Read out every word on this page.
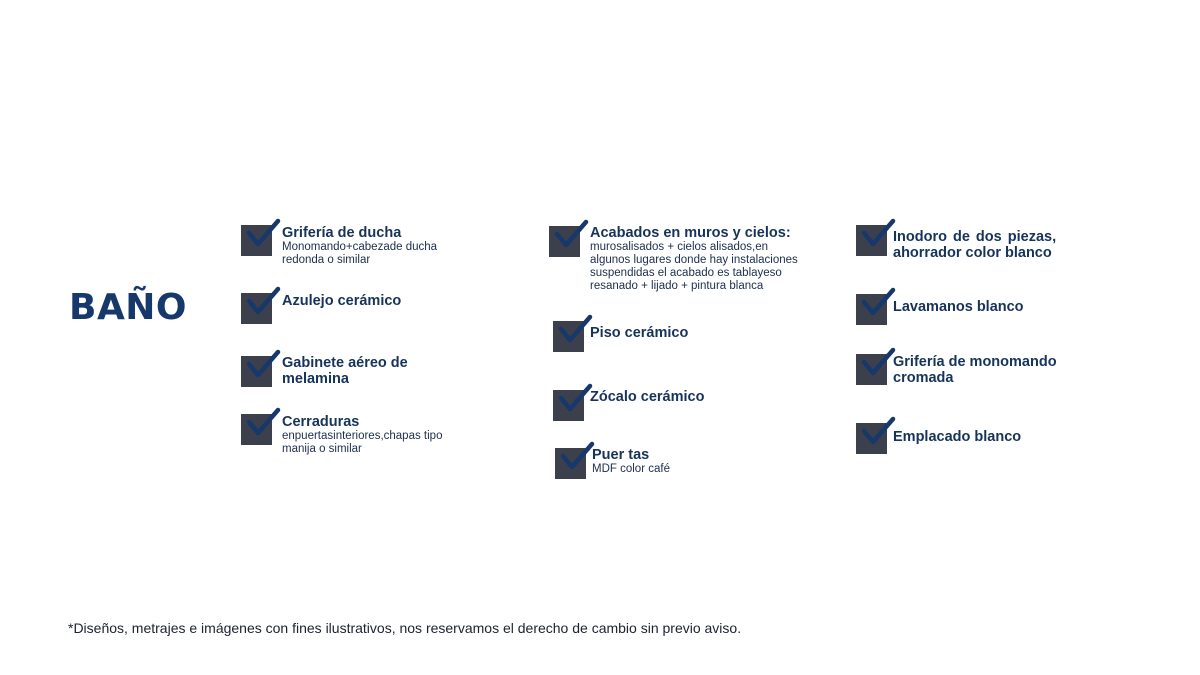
BAÑO
Grifería de ducha
Monomando+cabezade ducha
redonda o similar
Azulejo cerámico
Gabinete aéreo de
melamina
Cerraduras
enpuertasinteriores,chapas tipo
manija o similar
Acabados en muros y cielos:
murosalisados + cielos alisados,en
algunos lugares donde hay instalaciones
suspendidas el acabado es tablayeso
resanado + lijado + pintura blanca
Piso cerámico
Zócalo cerámico
Puer tas
MDF color café
Inodoro de dos piezas,
ahorrador color blanco
Lavamanos blanco
Grifería de monomando
cromada
Emplacado blanco
*Diseños, metrajes e imágenes con fines ilustrativos, nos reservamos el derecho de cambio sin previo aviso.
